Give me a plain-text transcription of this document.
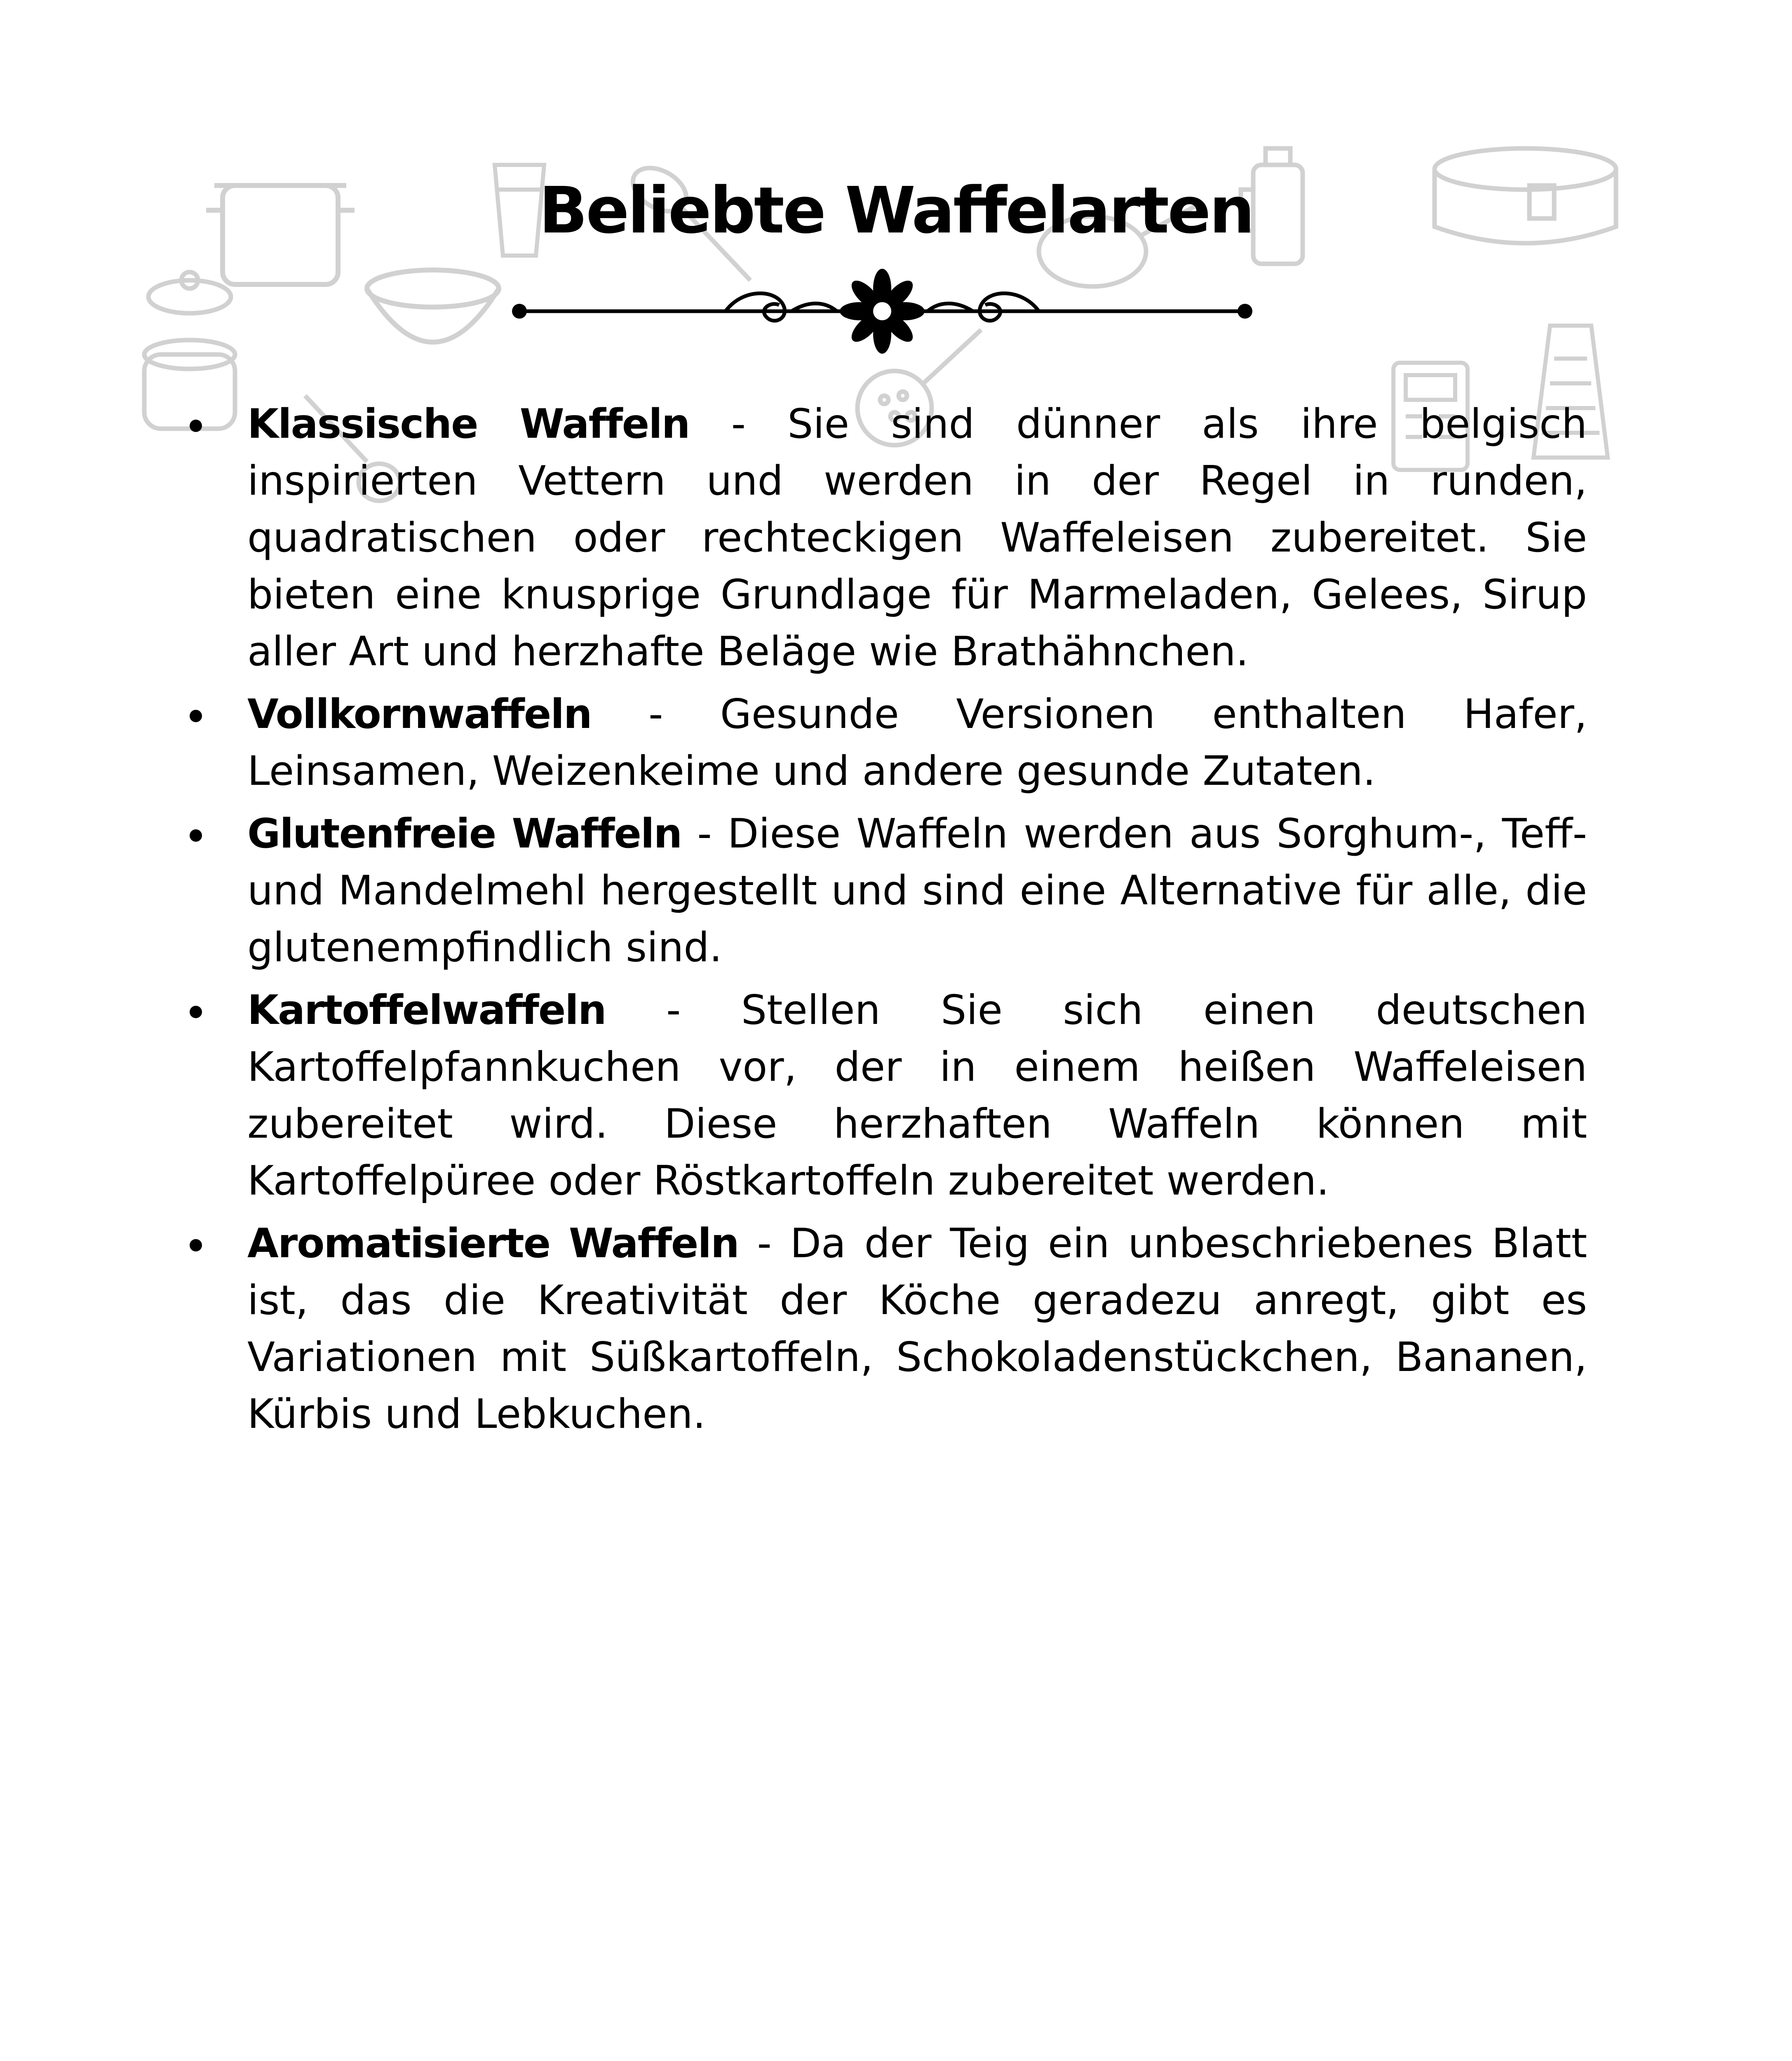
Beliebte Waffelarten
Klassische Waffeln - Sie sind dünner als ihre belgisch inspirierten Vettern und werden in der Regel in runden, quadratischen oder rechteckigen Waffeleisen zubereitet. Sie bieten eine knusprige Grundlage für Marmeladen, Gelees, Sirup aller Art und herzhafte Beläge wie Brathähnchen.
Vollkornwaffeln - Gesunde Versionen enthalten Hafer, Leinsamen, Weizenkeime und andere gesunde Zutaten.
Glutenfreie Waffeln - Diese Waffeln werden aus Sorghum-, Teff- und Mandelmehl hergestellt und sind eine Alternative für alle, die glutenempfindlich sind.
Kartoffelwaffeln - Stellen Sie sich einen deutschen Kartoffelpfannkuchen vor, der in einem heißen Waffeleisen zubereitet wird. Diese herzhaften Waffeln können mit Kartoffelpüree oder Röstkartoffeln zubereitet werden.
Aromatisierte Waffeln - Da der Teig ein unbeschriebenes Blatt ist, das die Kreativität der Köche geradezu anregt, gibt es Variationen mit Süßkartoffeln, Schokoladenstückchen, Bananen, Kürbis und Lebkuchen.
